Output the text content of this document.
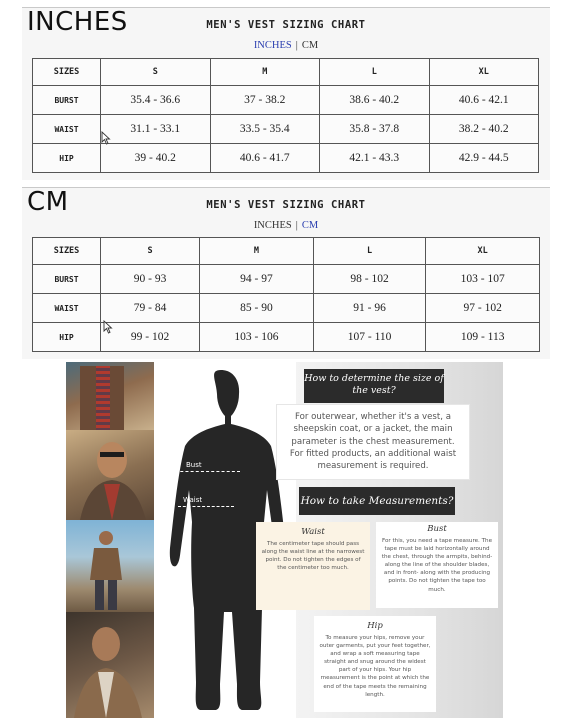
INCHES	MEN'S VEST SIZING CHART
INCHES | CM
SIZES	S	M	L	XL
BURST	35.4 - 36.6	37 - 38.2	38.6 - 40.2	40.6 - 42.1
WAIST	31.1 - 33.1	33.5 - 35.4	35.8 - 37.8	38.2 - 40.2
HIP	39 - 40.2	40.6 - 41.7	42.1 - 43.3	42.9 - 44.5
CM	MEN'S VEST SIZING CHART
INCHES | CM
SIZES	S	M	L	XL
BURST	90 - 93	94 - 97	98 - 102	103 - 107
WAIST	79 - 84	85 - 90	91 - 96	97 - 102
HIP	99 - 102	103 - 106	107 - 110	109 - 113
Bust
Waist
How to determine the size of the vest?
For outerwear, whether it's a vest, a sheepskin coat, or a jacket, the main parameter is the chest measurement. For fitted products, an additional waist measurement is required.
How to take Measurements?
Waist
The centimeter tape should pass along the waist line at the narrowest point. Do not tighten the edges of the centimeter too much.
Bust
For this, you need a tape measure. The tape must be laid horizontally around the chest, through the armpits, behind- along the line of the shoulder blades, and in front- along with the producing points. Do not tighten the tape too much.
Hip
To measure your hips, remove your outer garments, put your feet together, and wrap a soft measuring tape straight and snug around the widest part of your hips. Your hip measurement is the point at which the end of the tape meets the remaining length.
